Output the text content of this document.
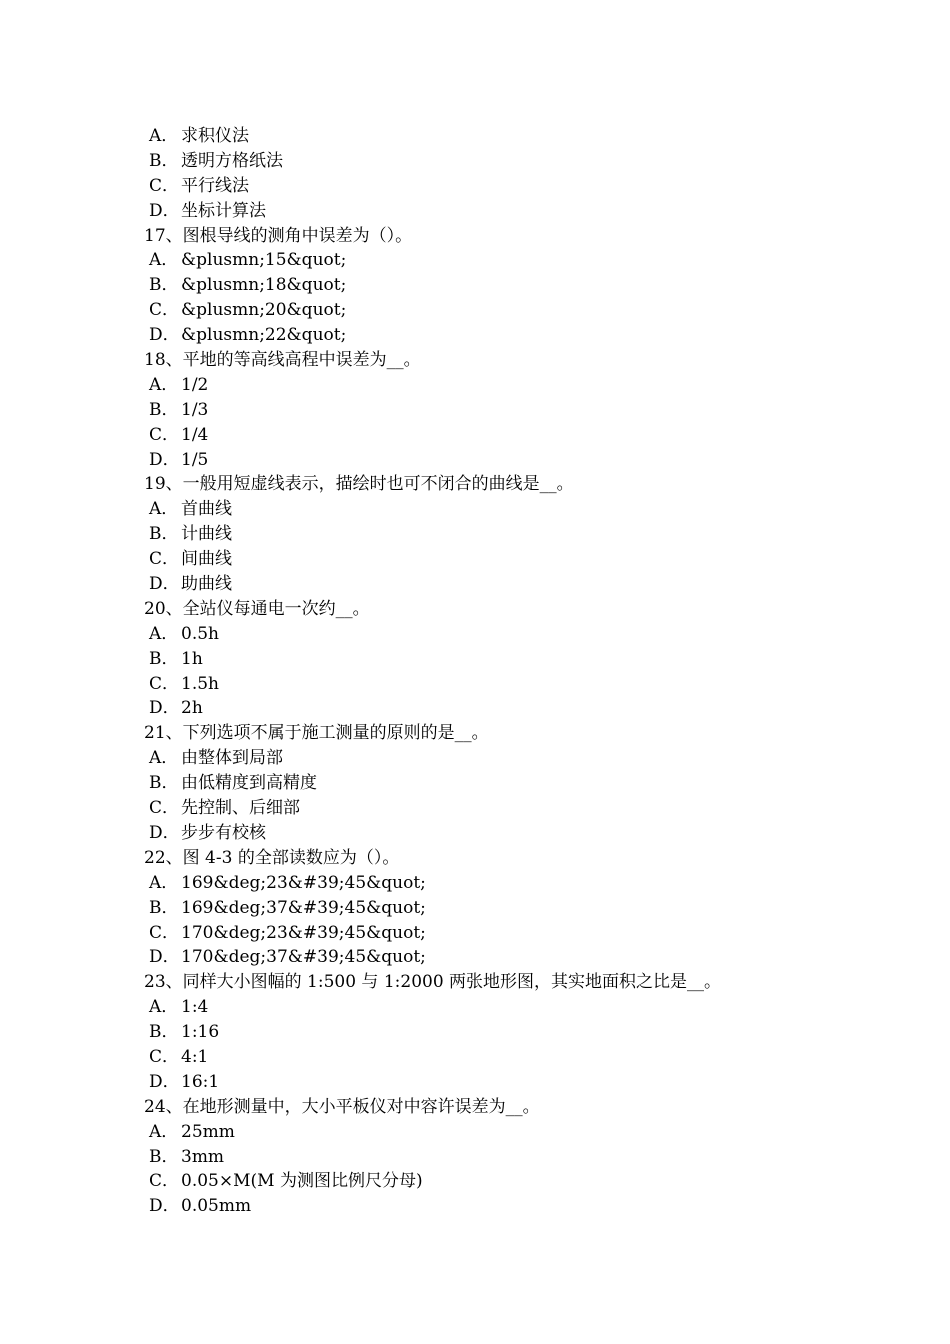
A． 求积仪法
B． 透明方格纸法
C． 平行线法
D．坐标计算法
17、图根导线的测角中误差为（）。
A． &plusmn;15&quot;
B． &plusmn;18&quot;
C． &plusmn;20&quot;
D．&plusmn;22&quot;
18、平地的等高线高程中误差为__。
A． 1/2
B． 1/3
C． 1/4
D．1/5
19、一般用短虚线表示，描绘时也可不闭合的曲线是__。
A． 首曲线
B． 计曲线
C． 间曲线
D．助曲线
20、全站仪每通电一次约__。
A． 0.5h
B． 1h
C． 1.5h
D．2h
21、下列选项不属于施工测量的原则的是__。
A． 由整体到局部
B． 由低精度到高精度
C． 先控制、后细部
D．步步有校核
22、图 4-3 的全部读数应为（）。
A． 169&deg;23&#39;45&quot;
B． 169&deg;37&#39;45&quot;
C． 170&deg;23&#39;45&quot;
D．170&deg;37&#39;45&quot;
23、同样大小图幅的 1:500 与 1:2000 两张地形图，其实地面积之比是__。
A． 1:4
B． 1:16
C． 4:1
D．16:1
24、在地形测量中，大小平板仪对中容许误差为__。
A． 25mm
B． 3mm
C． 0.05×M(M 为测图比例尺分母)
D．0.05mm
